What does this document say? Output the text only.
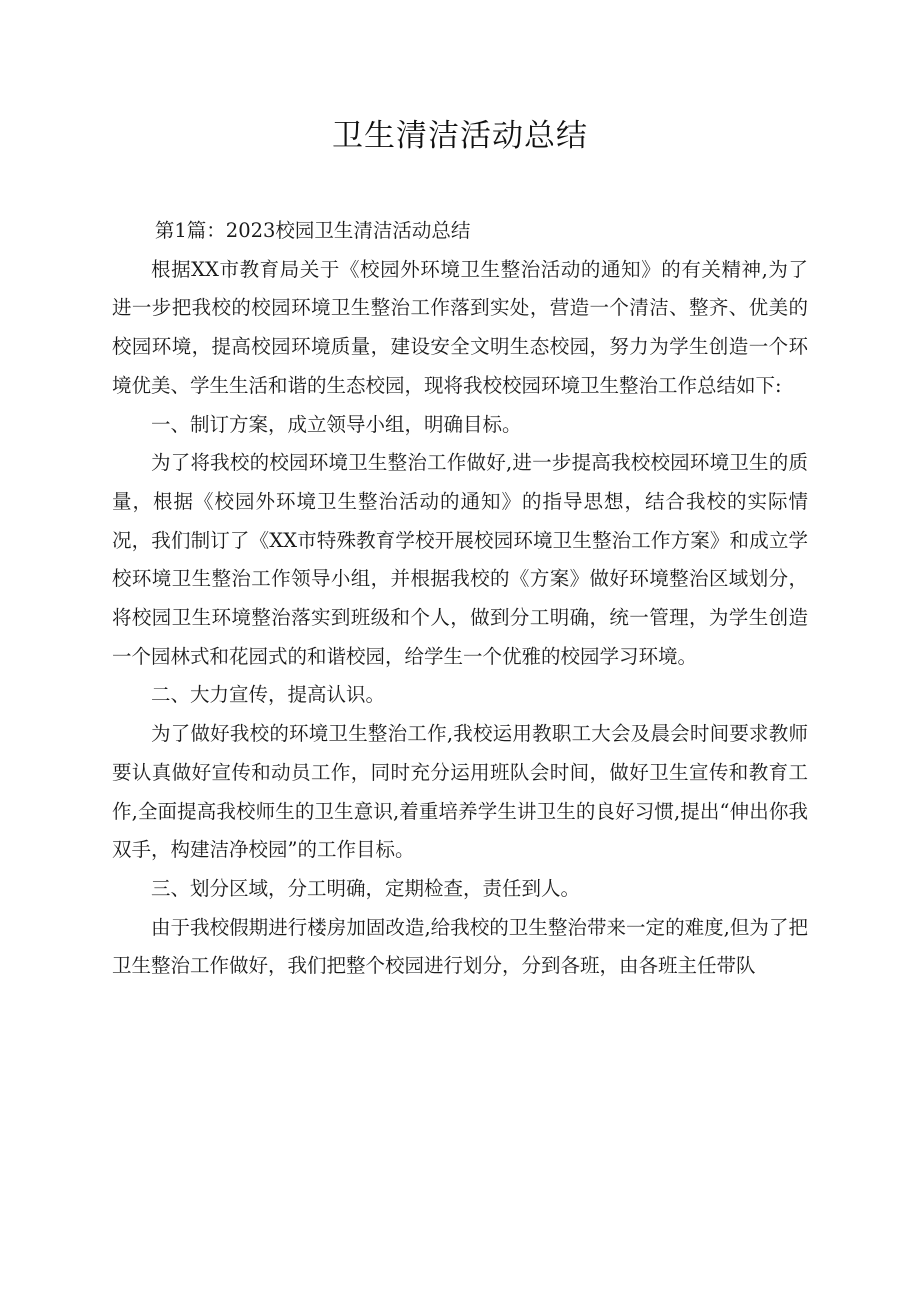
卫生清洁活动总结

第1篇：2023校园卫生清洁活动总结

根据XX市教育局关于《校园外环境卫生整治活动的通知》的有关精神,为了进一步把我校的校园环境卫生整治工作落到实处，营造一个清洁、整齐、优美的校园环境，提高校园环境质量，建设安全文明生态校园，努力为学生创造一个环境优美、学生生活和谐的生态校园，现将我校校园环境卫生整治工作总结如下:

一、制订方案，成立领导小组，明确目标。

为了将我校的校园环境卫生整治工作做好,进一步提高我校校园环境卫生的质量，根据《校园外环境卫生整治活动的通知》的指导思想，结合我校的实际情况，我们制订了《XX市特殊教育学校开展校园环境卫生整治工作方案》和成立学校环境卫生整治工作领导小组，并根据我校的《方案》做好环境整治区域划分，将校园卫生环境整治落实到班级和个人，做到分工明确，统一管理，为学生创造一个园林式和花园式的和谐校园，给学生一个优雅的校园学习环境。

二、大力宣传，提高认识。

为了做好我校的环境卫生整治工作,我校运用教职工大会及晨会时间要求教师要认真做好宣传和动员工作，同时充分运用班队会时间，做好卫生宣传和教育工作,全面提高我校师生的卫生意识,着重培养学生讲卫生的良好习惯,提出“伸出你我双手，构建洁净校园”的工作目标。

三、划分区域，分工明确，定期检查，责任到人。

由于我校假期进行楼房加固改造,给我校的卫生整治带来一定的难度,但为了把卫生整治工作做好，我们把整个校园进行划分，分到各班，由各班主任带队
